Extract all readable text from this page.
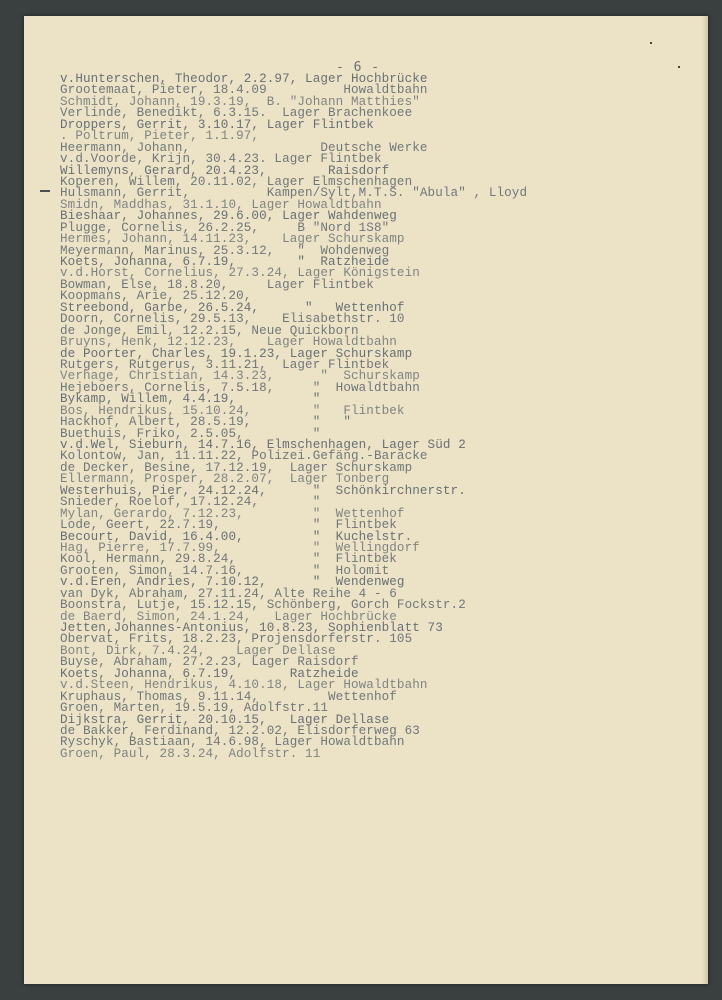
- 6 -
v.Hunterschen, Theodor, 2.2.97, Lager Hochbrücke
Grootemaat, Pieter, 18.4.09          Howaldtbahn
Schmidt, Johann, 19.3.19,  B. "Johann Matthies"
Verlinde, Benedikt, 6.3.15.  Lager Brachenkoee
Droppers, Gerrit, 3.10.17, Lager Flintbek
. Poltrum, Pieter, 1.1.97,
Heermann, Johann,                 Deutsche Werke
v.d.Voorde, Krijn, 30.4.23. Lager Flintbek
Willemyns, Gerard, 20.4.23,        Raisdorf
Koperen, Willem, 20.11.02, Lager Elmschenhagen
Hulsmann, Gerrit,          Kampen/Sylt,M.T.S. "Abula" , Lloyd
Smidn, Maddhas, 31.1.10, Lager Howaldtbahn
Bieshaar, Johannes, 29.6.00, Lager Wahdenweg
Plugge, Cornelis, 26.2.25,     B "Nord 1S8"
Hermes, Johann, 14.11.23,    Lager Schurskamp
Meyermann, Marinus, 25.3.12,   "  Wohdenweg
Koets, Johanna, 6.7.19,        "  Ratzheide
v.d.Horst, Cornelius, 27.3.24, Lager Königstein
Bowman, Else, 18.8.20,     Lager Flintbek
Koopmans, Arie, 25.12.20,
Streebond, Garbe, 26.5.24,      "   Wettenhof
Doorn, Cornelis, 29.5.13,    Elisabethstr. 10
de Jonge, Emil, 12.2.15, Neue Quickborn
Bruyns, Henk, 12.12.23,    Lager Howaldtbahn
de Poorter, Charles, 19.1.23, Lager Schurskamp
Rutgers, Rutgerus, 3.11.21,  Lager Flintbek
Verhage, Christian, 14.3.23,      "  Schurskamp
Hejeboers, Cornelis, 7.5.18,     "  Howaldtbahn
Bykamp, Willem, 4.4.19,          "
Bos, Hendrikus, 15.10.24,        "   Flintbek
Hackhof, Albert, 28.5.19,        "   "
Buethuis, Friko, 2.5.05,         "
v.d.Wel, Sieburn, 14.7.16, Elmschenhagen, Lager Süd 2
Kolontow, Jan, 11.11.22, Polizei.Gefäng.-Baracke
de Decker, Besine, 17.12.19,  Lager Schurskamp
Ellermann, Prosper, 28.2.07,  Lager Tonberg
Westerhuis, Pier, 24.12.24,      "  Schönkirchnerstr.
Snieder, Roelof, 17.12.24,       "
Mylan, Gerardo, 7.12.23,         "  Wettenhof
Lode, Geert, 22.7.19,            "  Flintbek
Becourt, David, 16.4.00,         "  Kuchelstr.
Hag, Pierre, 17.7.99,            "  Wellingdorf
Kool, Hermann, 29.8.24,          "  Flintbek
Grooten, Simon, 14.7.16,         "  Holomit
v.d.Eren, Andries, 7.10.12,      "  Wendenweg
van Dyk, Abraham, 27.11.24, Alte Reihe 4 - 6
Boonstra, Lutje, 15.12.15, Schönberg, Gorch Fockstr.2
de Baerd, Simon, 24.1.24,   Lager Hochbrücke
Jetten,Johannes-Antonius, 10.8.23, Sophienblatt 73
Obervat, Frits, 18.2.23, Projensdorferstr. 105
Bont, Dirk, 7.4.24,    Lager Dellase
Buyse, Abraham, 27.2.23, Lager Raisdorf
Koets, Johanna, 6.7.19,       Ratzheide
v.d.Steen, Hendrikus, 4.10.18, Lager Howaldtbahn
Kruphaus, Thomas, 9.11.14,         Wettenhof
Groen, Marten, 19.5.19, Adolfstr.11
Dijkstra, Gerrit, 20.10.15,   Lager Dellase
de Bakker, Ferdinand, 12.2.02, Elisdorferweg 63
Ryschyk, Bastiaan, 14.6.98, Lager Howaldtbahn
Groen, Paul, 28.3.24, Adolfstr. 11
